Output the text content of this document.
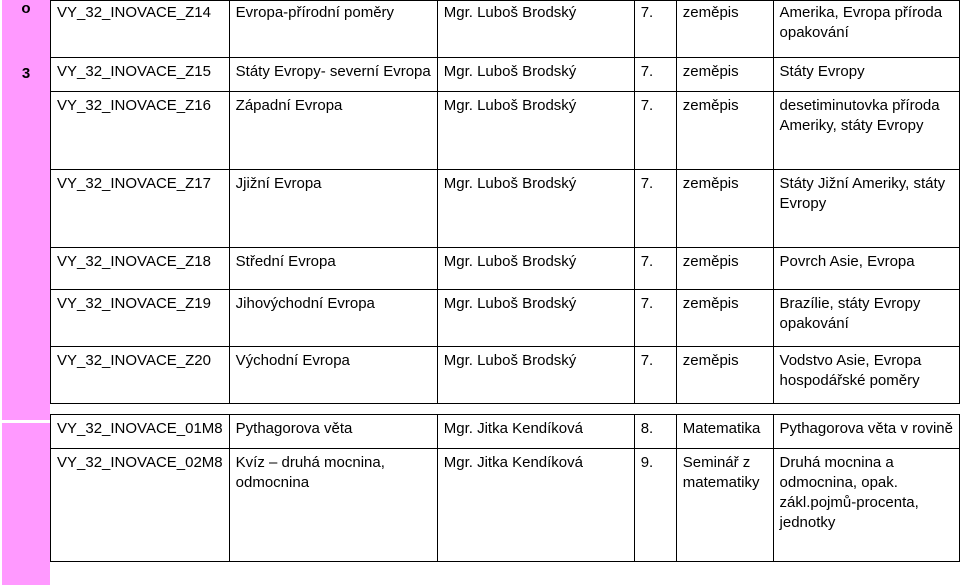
o
3
VY_32_INOVACE_Z14	Evropa-přírodní poměry	Mgr. Luboš Brodský	7.	zeměpis	Amerika, Evropa příroda opakování
VY_32_INOVACE_Z15	Státy Evropy- severní Evropa	Mgr. Luboš Brodský	7.	zeměpis	Státy Evropy
VY_32_INOVACE_Z16	Západní Evropa	Mgr. Luboš Brodský	7.	zeměpis	desetiminutovka příroda Ameriky, státy Evropy
VY_32_INOVACE_Z17	Jjižní Evropa	Mgr. Luboš Brodský	7.	zeměpis	Státy Jižní Ameriky, státy Evropy
VY_32_INOVACE_Z18	Střední Evropa	Mgr. Luboš Brodský	7.	zeměpis	Povrch Asie, Evropa
VY_32_INOVACE_Z19	Jihovýchodní Evropa	Mgr. Luboš Brodský	7.	zeměpis	Brazílie, státy Evropy opakování
VY_32_INOVACE_Z20	Východní Evropa	Mgr. Luboš Brodský	7.	zeměpis	Vodstvo Asie, Evropa hospodářské poměry

VY_32_INOVACE_01M8	Pythagorova věta	Mgr. Jitka Kendíková	8.	Matematika	Pythagorova věta v rovině
VY_32_INOVACE_02M8	Kvíz – druhá mocnina, odmocnina	Mgr. Jitka Kendíková	9.	Seminář z matematiky	Druhá mocnina a odmocnina, opak. zákl.pojmů-procenta, jednotky
